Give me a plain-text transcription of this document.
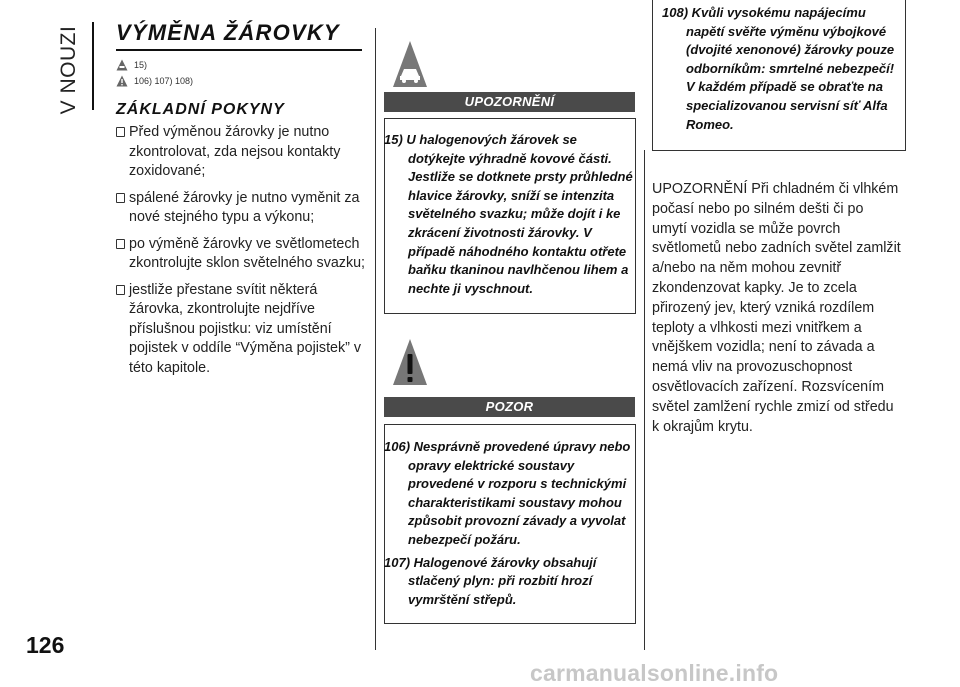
V NOUZI VÝMĚNA ŽÁROVKY
15)
106) 107) 108)
ZÁKLADNÍ POKYNY
Před výměnou žárovky je nutno zkontrolovat, zda nejsou kontakty zoxidované;
spálené žárovky je nutno vyměnit za nové stejného typu a výkonu;
po výměně žárovky ve světlometech zkontrolujte sklon světelného svazku;
jestliže přestane svítit některá žárovka, zkontrolujte nejdříve příslušnou pojistku: viz umístění pojistek v oddíle “Výměna pojistek” v této kapitole.
UPOZORNĚNÍ

15) U halogenových žárovek se dotýkejte výhradně kovové části. Jestliže se dotknete prsty průhledné hlavice žárovky, sníží se intenzita světelného svazku; může dojít i ke zkrácení životnosti žárovky. V případě náhodného kontaktu otřete baňku tkaninou navlhčenou lihem a nechte ji vyschnout.

POZOR

106) Nesprávně provedené úpravy nebo opravy elektrické soustavy provedené v rozporu s technickými charakteristikami soustavy mohou způsobit provozní závady a vyvolat nebezpečí požáru.

107) Halogenové žárovky obsahují stlačený plyn: při rozbití hrozí vymrštění střepů.

108) Kvůli vysokému napájecímu napětí svěřte výměnu výbojkové (dvojité xenonové) žárovky pouze odborníkům: smrtelné nebezpečí! V každém případě se obraťte na specializovanou servisní síť Alfa Romeo.

UPOZORNĚNÍ Při chladném či vlhkém počasí nebo po silném dešti či po umytí vozidla se může povrch světlometů nebo zadních světel zamlžit a/nebo na něm mohou zevnitř zkondenzovat kapky. Je to zcela přirozený jev, který vzniká rozdílem teploty a vlhkosti mezi vnitřkem a vnějškem vozidla; není to závada a nemá vliv na provozuschopnost osvětlovacích zařízení. Rozsvícením světel zamlžení rychle zmizí od středu k okrajům krytu.
126
carmanualsonline.info
